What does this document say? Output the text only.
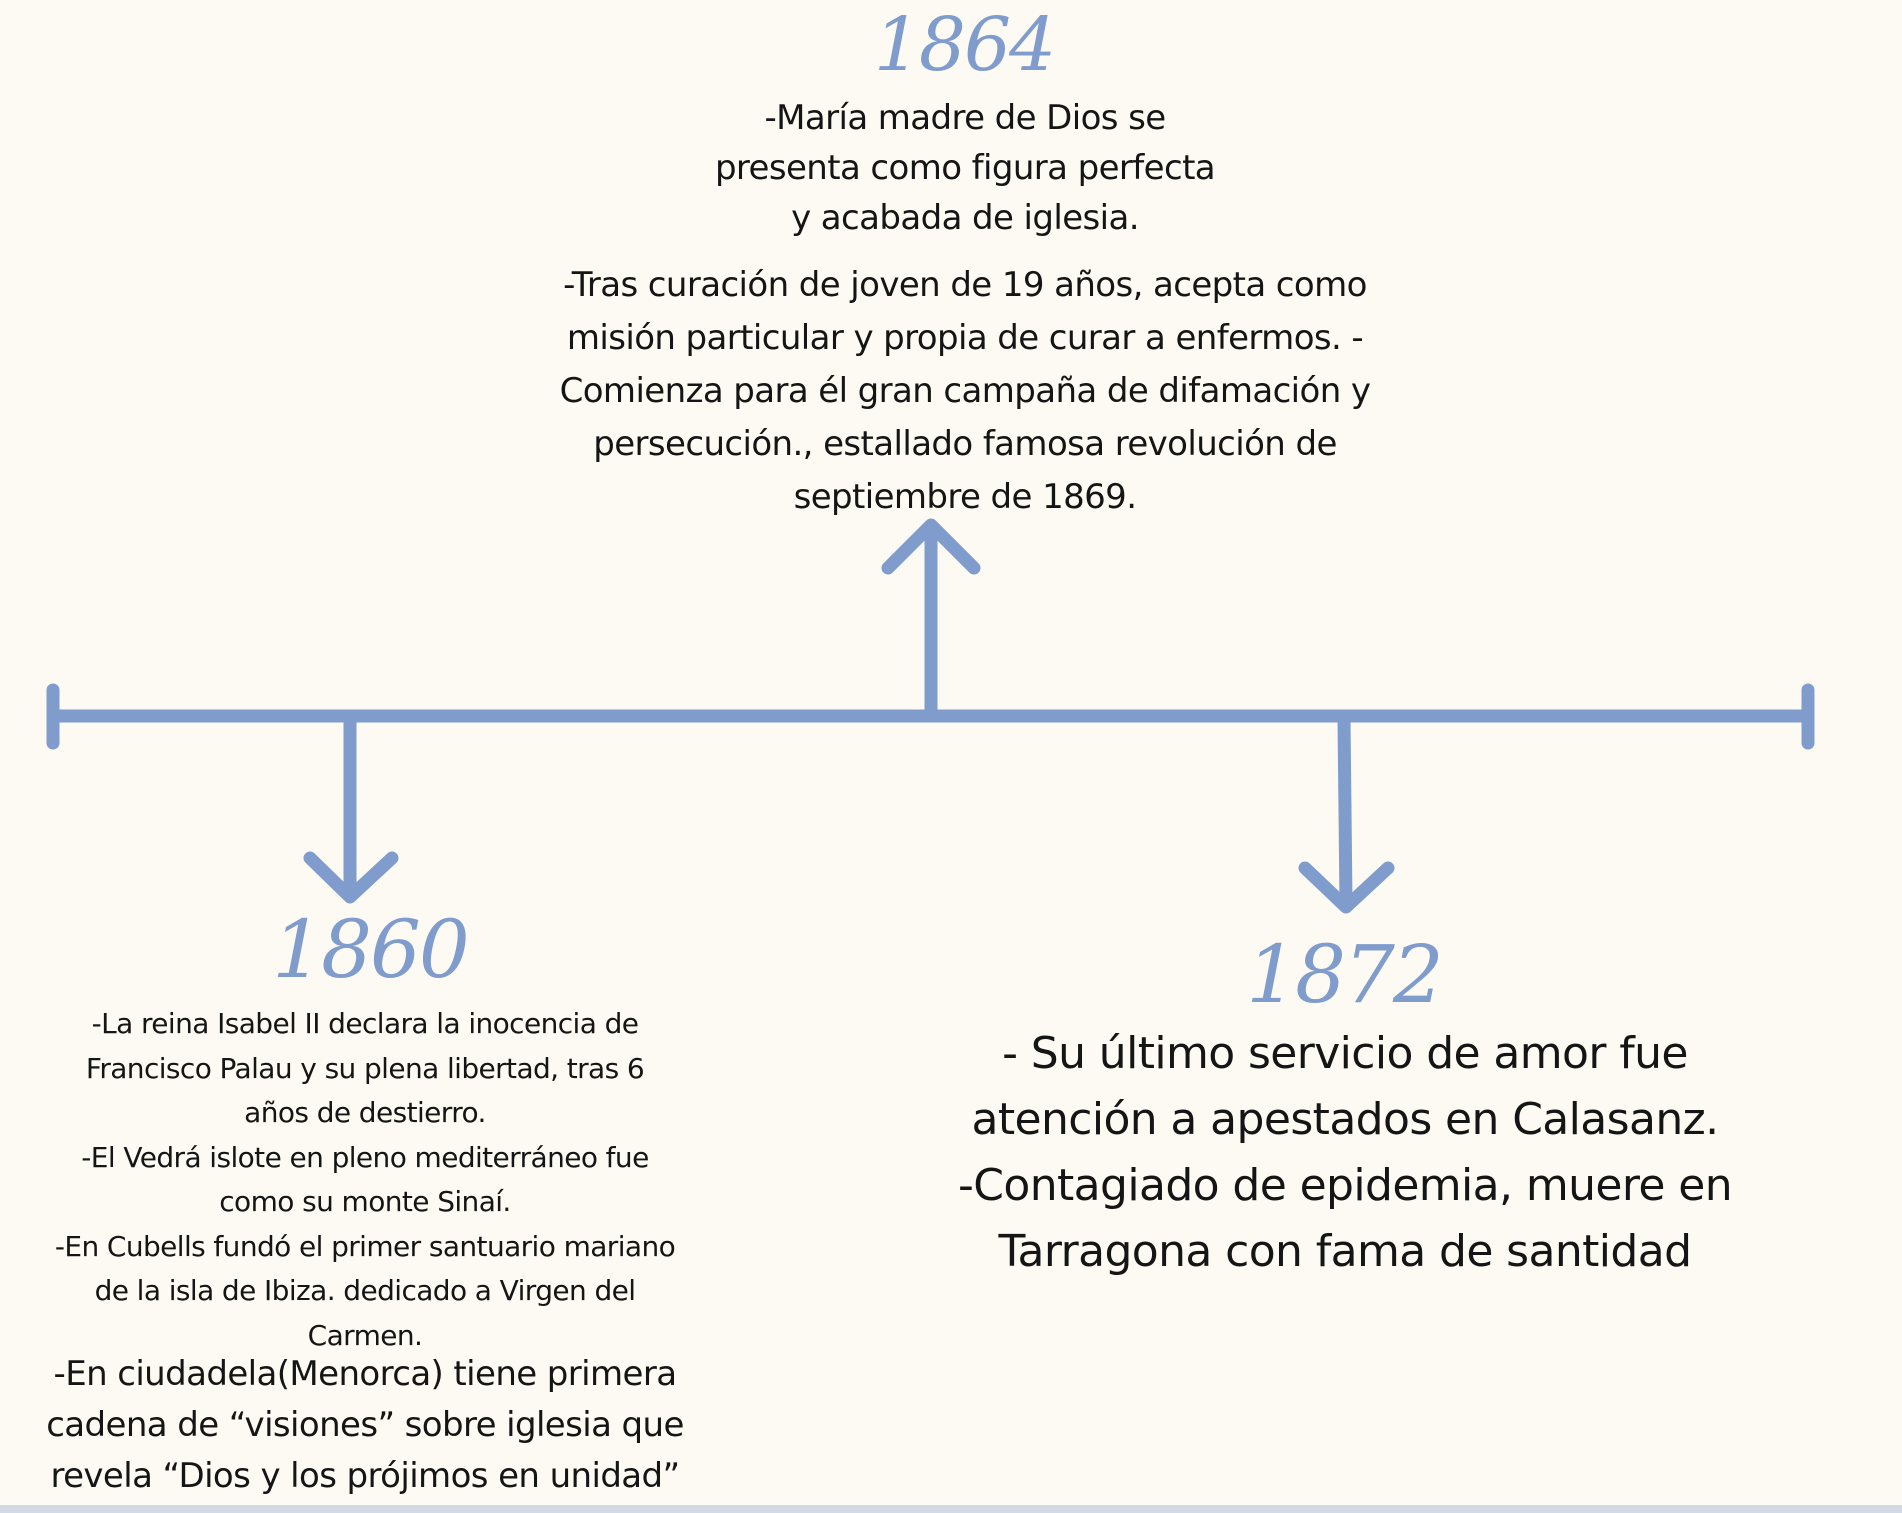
1864
-María madre de Dios se
presenta como figura perfecta
y acabada de iglesia.
-Tras curación de joven de 19 años, acepta como
misión particular y propia de curar a enfermos. -
Comienza para él gran campaña de difamación y
persecución., estallado famosa revolución de
septiembre de 1869.
1860
-La reina Isabel II declara la inocencia de
Francisco Palau y su plena libertad, tras 6
años de destierro.
-El Vedrá islote en pleno mediterráneo fue
como su monte Sinaí.
-En Cubells fundó el primer santuario mariano
de la isla de Ibiza. dedicado a Virgen del
Carmen.
-En ciudadela(Menorca) tiene primera
cadena de “visiones” sobre iglesia que
revela “Dios y los prójimos en unidad”
1872
- Su último servicio de amor fue
atención a apestados en Calasanz.
-Contagiado de epidemia, muere en
Tarragona con fama de santidad
